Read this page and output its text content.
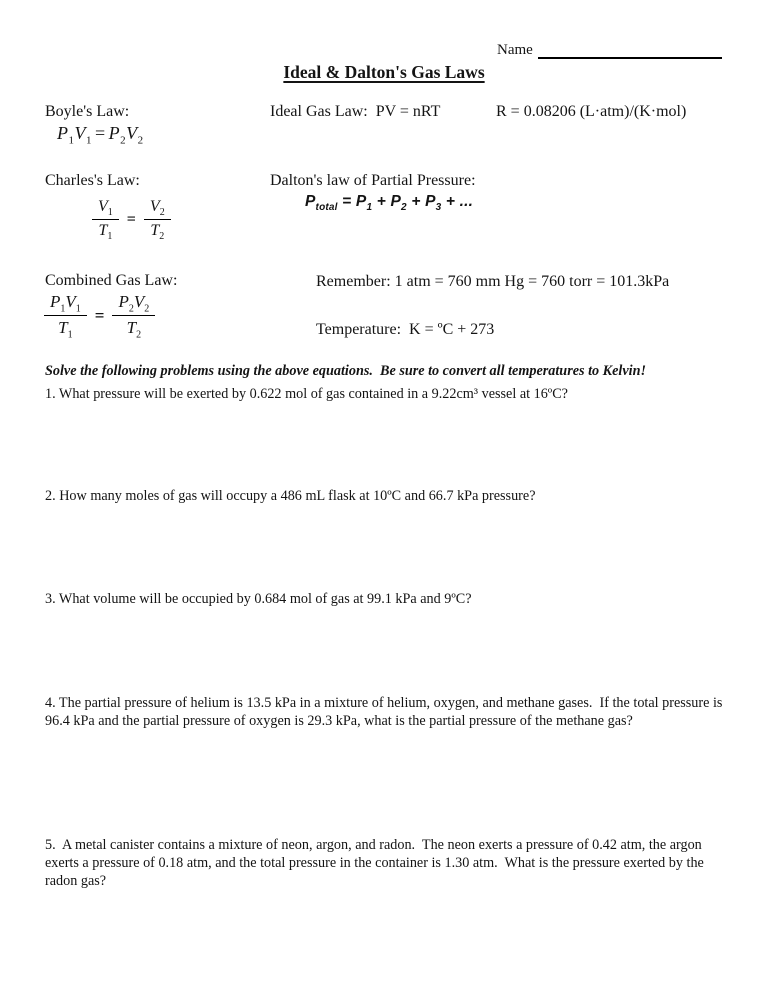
Name
Ideal & Dalton's Gas Laws
Boyle's Law:	Ideal Gas Law:  PV = nRT	R = 0.08206 (L·atm)/(K·mol)
$P_1V_1 = P_2V_2$
Charles's Law:	Dalton's law of Partial Pressure:
$P_{total} = P_1 + P_2 + P_3$ + ...
$\frac{V_1}{T_1} = \frac{V_2}{T_2}$
Combined Gas Law:	Remember: 1 atm = 760 mm Hg = 760 torr = 101.3kPa
Temperature:  K = ºC + 273
$\frac{P_1V_1}{T_1} = \frac{P_2V_2}{T_2}$
Solve the following problems using the above equations.  Be sure to convert all temperatures to Kelvin!
1. What pressure will be exerted by 0.622 mol of gas contained in a 9.22cm³ vessel at 16ºC?
2. How many moles of gas will occupy a 486 mL flask at 10ºC and 66.7 kPa pressure?
3. What volume will be occupied by 0.684 mol of gas at 99.1 kPa and 9ºC?
4. The partial pressure of helium is 13.5 kPa in a mixture of helium, oxygen, and methane gases.  If the total pressure is 96.4 kPa and the partial pressure of oxygen is 29.3 kPa, what is the partial pressure of the methane gas?
5.  A metal canister contains a mixture of neon, argon, and radon.  The neon exerts a pressure of 0.42 atm, the argon exerts a pressure of 0.18 atm, and the total pressure in the container is 1.30 atm.  What is the pressure exerted by the radon gas?
